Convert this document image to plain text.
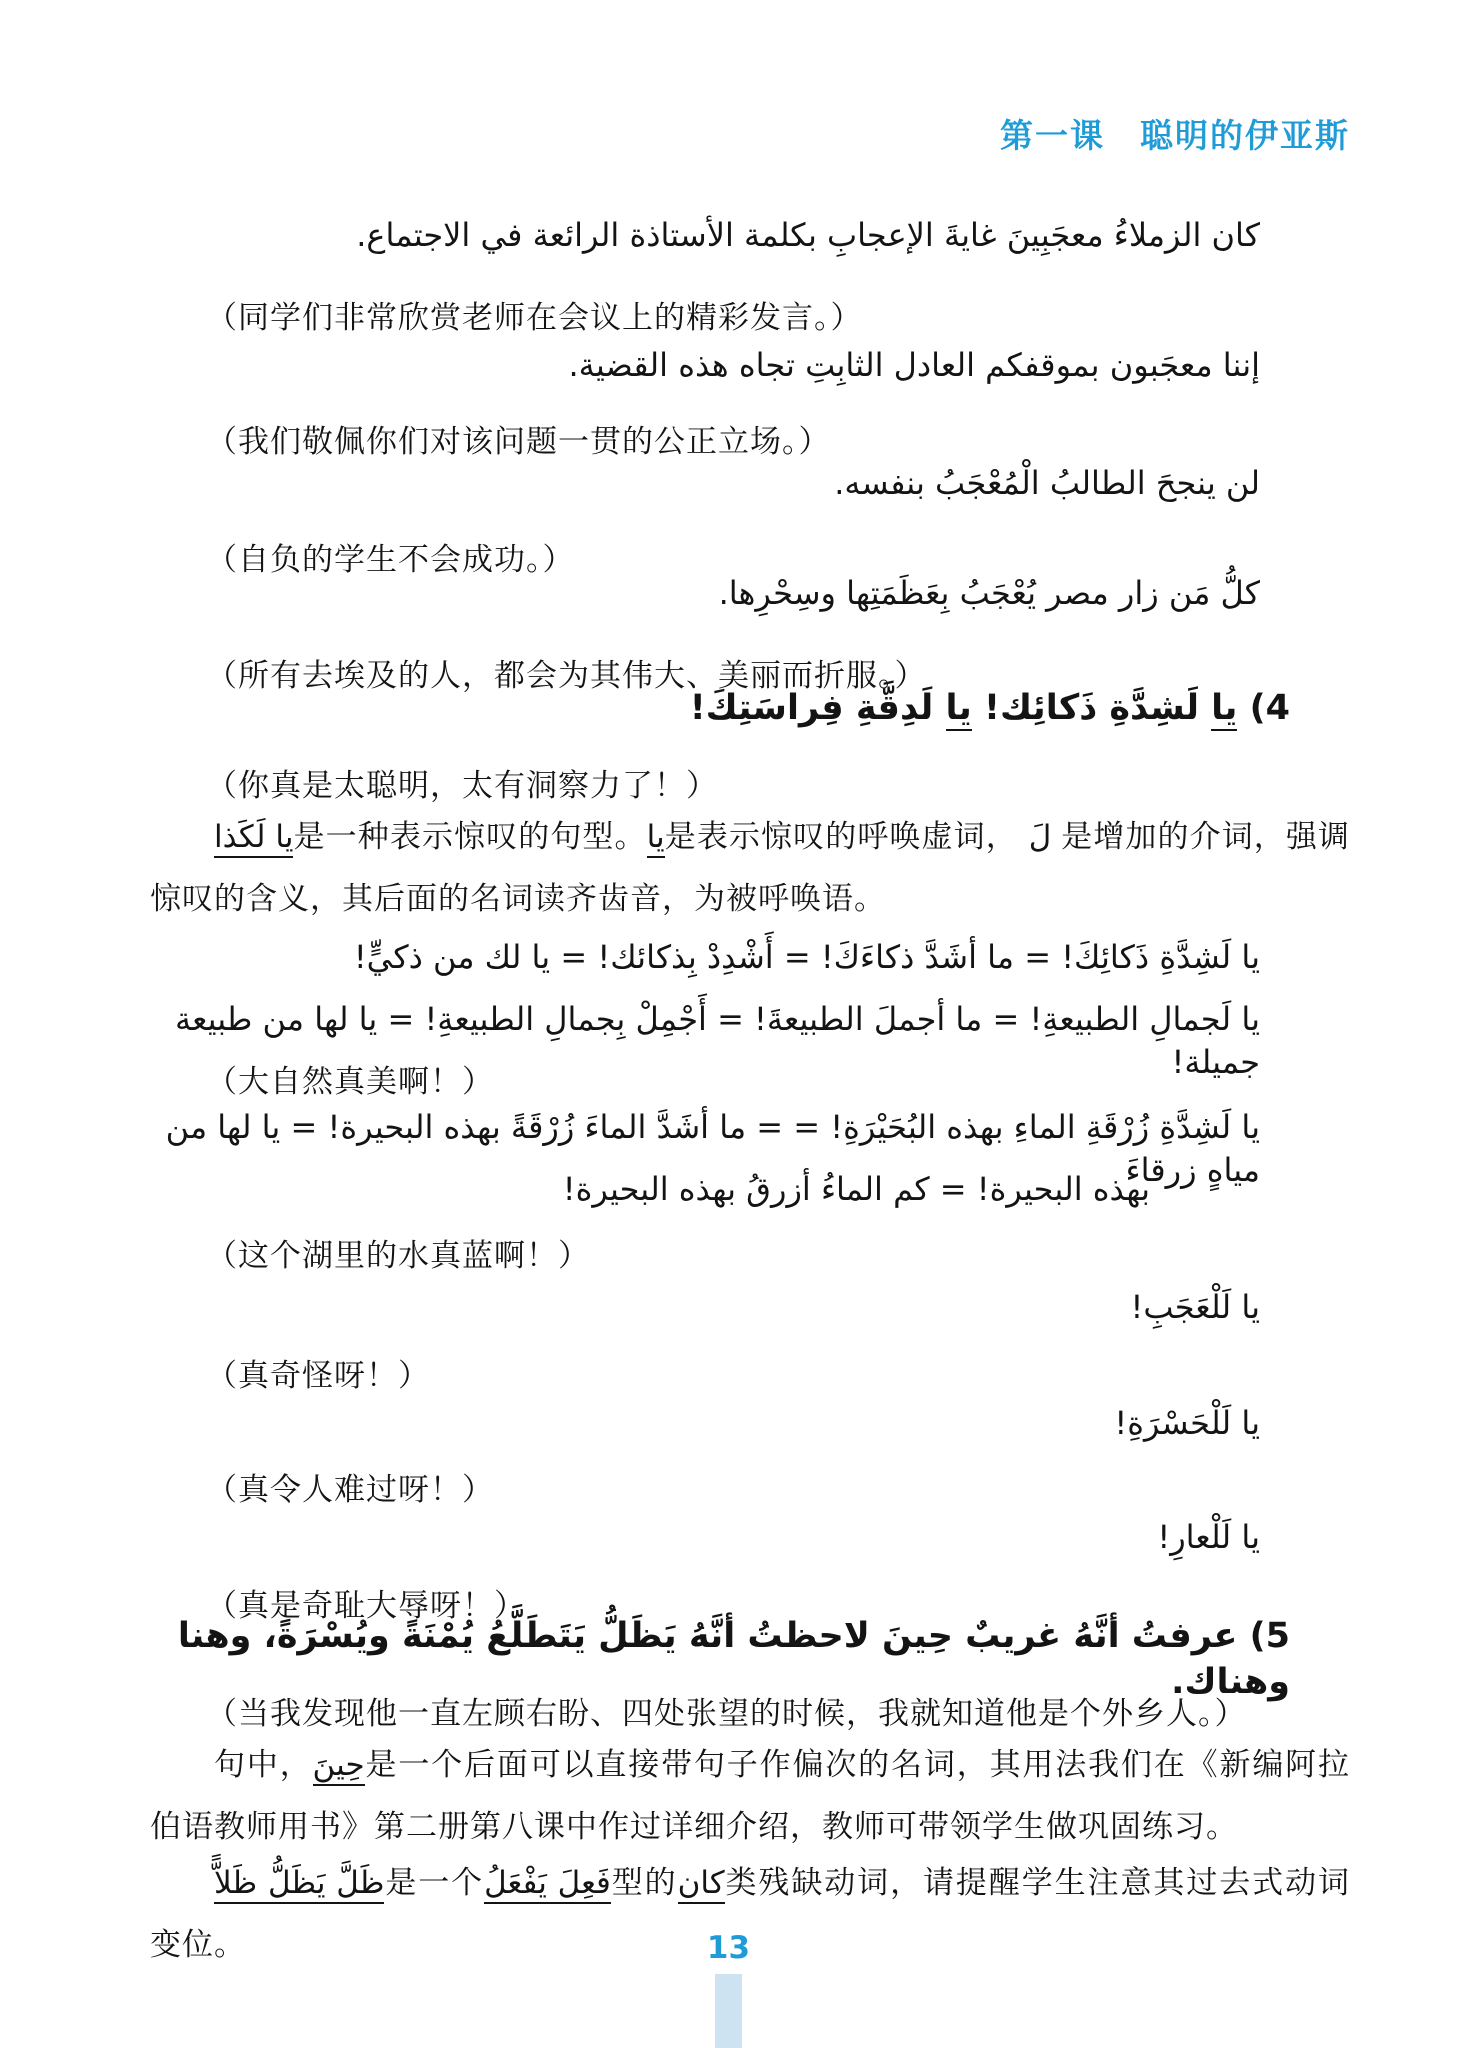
第一课　聪明的伊亚斯
كان الزملاءُ معجَبِينَ غايةَ الإعجابِ بكلمة الأستاذة الرائعة في الاجتماع.
（同学们非常欣赏老师在会议上的精彩发言。）
إننا معجَبون بموقفكم العادل الثابِتِ تجاه هذه القضية.
（我们敬佩你们对该问题一贯的公正立场。）
لن ينجحَ الطالبُ الْمُعْجَبُ بنفسه.
（自负的学生不会成功。）
كلُّ مَن زار مصر يُعْجَبُ بِعَظَمَتِها وسِحْرِها.
（所有去埃及的人，都会为其伟大、美丽而折服。）
4) يا لَشِدَّةِ ذَكائِك! يا لَدِقَّةِ فِراسَتِكَ!
（你真是太聪明，太有洞察力了！）
يا لَكَذا是一种表示惊叹的句型。يا是表示惊叹的呼唤虚词， لَ 是增加的介词，强调惊叹的含义，其后面的名词读齐齿音，为被呼唤语。
يا لَشِدَّةِ ذَكائِكَ! = ما أشَدَّ ذكاءَكَ! = أَشْدِدْ بِذكائك! = يا لك من ذكيٍّ!
يا لَجمالِ الطبيعةِ! = ما أجملَ الطبيعةَ! = أَجْمِلْ بِجمالِ الطبيعةِ! = يا لها من طبيعة جميلة!
（大自然真美啊！）
يا لَشِدَّةِ زُرْقَةِ الماءِ بهذه البُحَيْرَةِ! = = ما أشَدَّ الماءَ زُرْقَةً بهذه البحيرة! = يا لها من مياهٍ زرقاءَ
بهذه البحيرة! = كم الماءُ أزرقُ بهذه البحيرة!
（这个湖里的水真蓝啊！）
يا لَلْعَجَبِ!
（真奇怪呀！）
يا لَلْحَسْرَةِ!
（真令人难过呀！）
يا لَلْعارِ!
（真是奇耻大辱呀！）
5) عرفتُ أنَّهُ غريبٌ حِينَ لاحظتُ أنَّهُ يَظَلُّ يَتَطَلَّعُ يُمْنَةً ويُسْرَةً، وهنا وهناك.
（当我发现他一直左顾右盼、四处张望的时候，我就知道他是个外乡人。）
句中，حِينَ是一个后面可以直接带句子作偏次的名词，其用法我们在《新编阿拉伯语教师用书》第二册第八课中作过详细介绍，教师可带领学生做巩固练习。
ظَلَّ يَظَلُّ ظَلاًّ是一个فَعِلَ يَفْعَلُ型的كان类残缺动词，请提醒学生注意其过去式动词变位。	13
